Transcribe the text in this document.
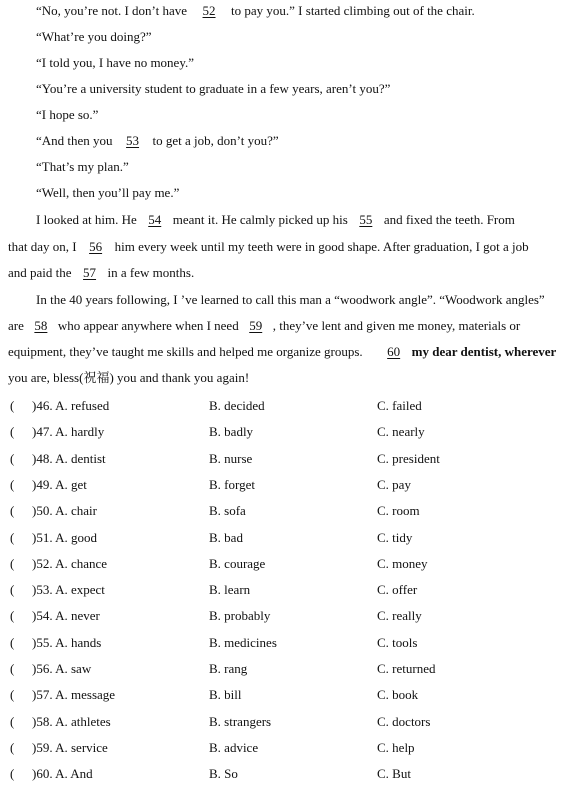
“No, you’re not. I don’t have 52 to pay you.” I started climbing out of the chair.
“What’re you doing?”
“I told you, I have no money.”
“You’re a university student to graduate in a few years, aren’t you?”
“I hope so.”
“And then you 53 to get a job, don’t you?”
“That’s my plan.”
“Well, then you’ll pay me.”
I looked at him. He 54 meant it. He calmly picked up his 55 and fixed the teeth. From
that day on, I 56 him every week until my teeth were in good shape. After graduation, I got a job
and paid the 57 in a few months.
In the 40 years following, I ’ve learned to call this man a “woodwork angle”. “Woodwork angles”
are 58 who appear anywhere when I need 59 , they’ve lent and given me money, materials or
equipment, they’ve taught me skills and helped me organize groups. 60 my dear dentist, wherever
you are, bless(祝福) you and thank you again!
( )46. A. refused	B. decided	C. failed
( )47. A. hardly	B. badly	C. nearly
( )48. A. dentist	B. nurse	C. president
( )49. A. get	B. forget	C. pay
( )50. A. chair	B. sofa	C. room
( )51. A. good	B. bad	C. tidy
( )52. A. chance	B. courage	C. money
( )53. A. expect	B. learn	C. offer
( )54. A. never	B. probably	C. really
( )55. A. hands	B. medicines	C. tools
( )56. A. saw	B. rang	C. returned
( )57. A. message	B. bill	C. book
( )58. A. athletes	B. strangers	C. doctors
( )59. A. service	B. advice	C. help
( )60. A. And	B. So	C. But
